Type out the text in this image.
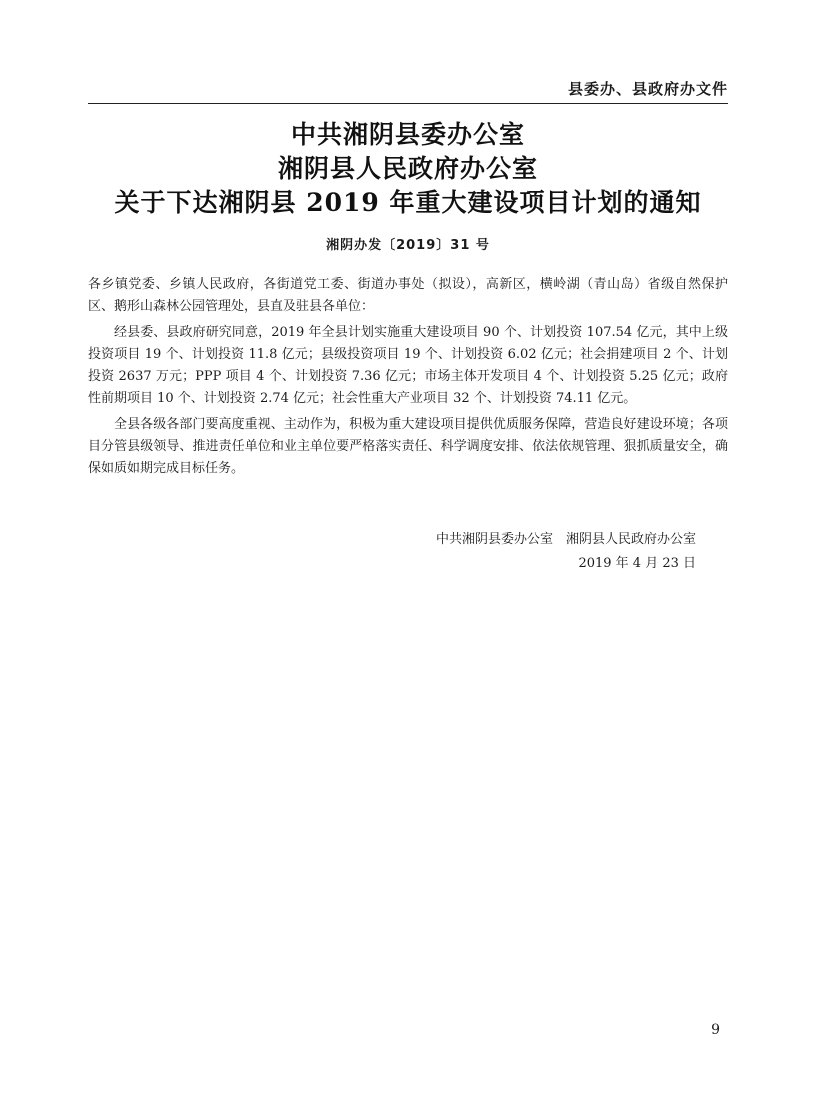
县委办、县政府办文件
中共湘阴县委办公室
湘阴县人民政府办公室
关于下达湘阴县 2019 年重大建设项目计划的通知
湘阴办发〔2019〕31 号

各乡镇党委、乡镇人民政府，各街道党工委、街道办事处（拟设），高新区，横岭湖（青山岛）省级自然保护区、鹅形山森林公园管理处，县直及驻县各单位：

经县委、县政府研究同意，2019 年全县计划实施重大建设项目 90 个、计划投资 107.54 亿元，其中上级投资项目 19 个、计划投资 11.8 亿元；县级投资项目 19 个、计划投资 6.02 亿元；社会捐建项目 2 个、计划投资 2637 万元；PPP 项目 4 个、计划投资 7.36 亿元；市场主体开发项目 4 个、计划投资 5.25 亿元；政府性前期项目 10 个、计划投资 2.74 亿元；社会性重大产业项目 32 个、计划投资 74.11 亿元。

全县各级各部门要高度重视、主动作为，积极为重大建设项目提供优质服务保障，营造良好建设环境；各项目分管县级领导、推进责任单位和业主单位要严格落实责任、科学调度安排、依法依规管理、狠抓质量安全，确保如质如期完成目标任务。

中共湘阴县委办公室　湘阴县人民政府办公室
2019 年 4 月 23 日
9
